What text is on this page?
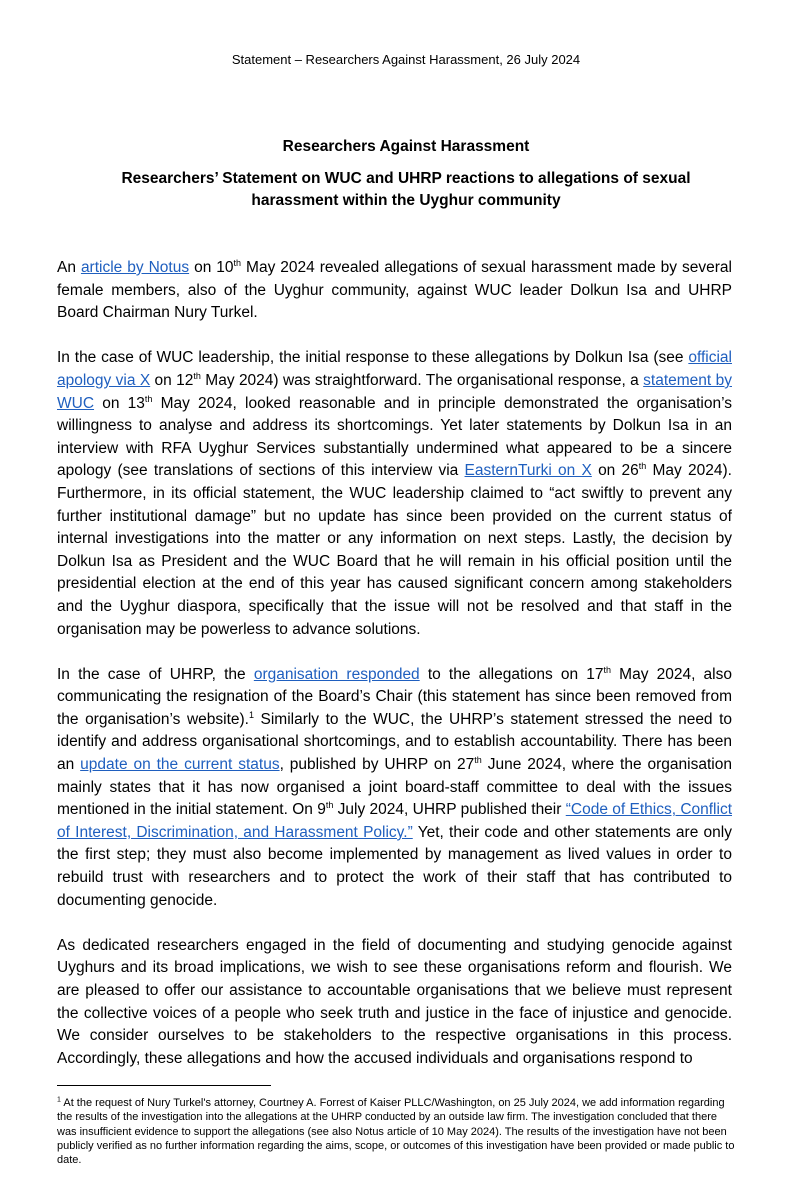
Statement – Researchers Against Harassment, 26 July 2024
Researchers Against Harassment
Researchers’ Statement on WUC and UHRP reactions to allegations of sexual harassment within the Uyghur community

An article by Notus on 10th May 2024 revealed allegations of sexual harassment made by several female members, also of the Uyghur community, against WUC leader Dolkun Isa and UHRP Board Chairman Nury Turkel.

In the case of WUC leadership, the initial response to these allegations by Dolkun Isa (see official apology via X on 12th May 2024) was straightforward. The organisational response, a statement by WUC on 13th May 2024, looked reasonable and in principle demonstrated the organisation’s willingness to analyse and address its shortcomings. Yet later statements by Dolkun Isa in an interview with RFA Uyghur Services substantially undermined what appeared to be a sincere apology (see translations of sections of this interview via EasternTurki on X on 26th May 2024). Furthermore, in its official statement, the WUC leadership claimed to “act swiftly to prevent any further institutional damage” but no update has since been provided on the current status of internal investigations into the matter or any information on next steps. Lastly, the decision by Dolkun Isa as President and the WUC Board that he will remain in his official position until the presidential election at the end of this year has caused significant concern among stakeholders and the Uyghur diaspora, specifically that the issue will not be resolved and that staff in the organisation may be powerless to advance solutions.

In the case of UHRP, the organisation responded to the allegations on 17th May 2024, also communicating the resignation of the Board’s Chair (this statement has since been removed from the organisation’s website).$^1$ Similarly to the WUC, the UHRP’s statement stressed the need to identify and address organisational shortcomings, and to establish accountability. There has been an update on the current status, published by UHRP on 27th June 2024, where the organisation mainly states that it has now organised a joint board-staff committee to deal with the issues mentioned in the initial statement. On 9th July 2024, UHRP published their “Code of Ethics, Conflict of Interest, Discrimination, and Harassment Policy.” Yet, their code and other statements are only the first step; they must also become implemented by management as lived values in order to rebuild trust with researchers and to protect the work of their staff that has contributed to documenting genocide.

As dedicated researchers engaged in the field of documenting and studying genocide against Uyghurs and its broad implications, we wish to see these organisations reform and flourish. We are pleased to offer our assistance to accountable organisations that we believe must represent the collective voices of a people who seek truth and justice in the face of injustice and genocide. We consider ourselves to be stakeholders to the respective organisations in this process. Accordingly, these allegations and how the accused individuals and organisations respond to

$^1$ At the request of Nury Turkel's attorney, Courtney A. Forrest of Kaiser PLLC/Washington, on 25 July 2024, we add information regarding the results of the investigation into the allegations at the UHRP conducted by an outside law firm. The investigation concluded that there was insufficient evidence to support the allegations (see also Notus article of 10 May 2024). The results of the investigation have not been publicly verified as no further information regarding the aims, scope, or outcomes of this investigation have been provided or made public to date.
